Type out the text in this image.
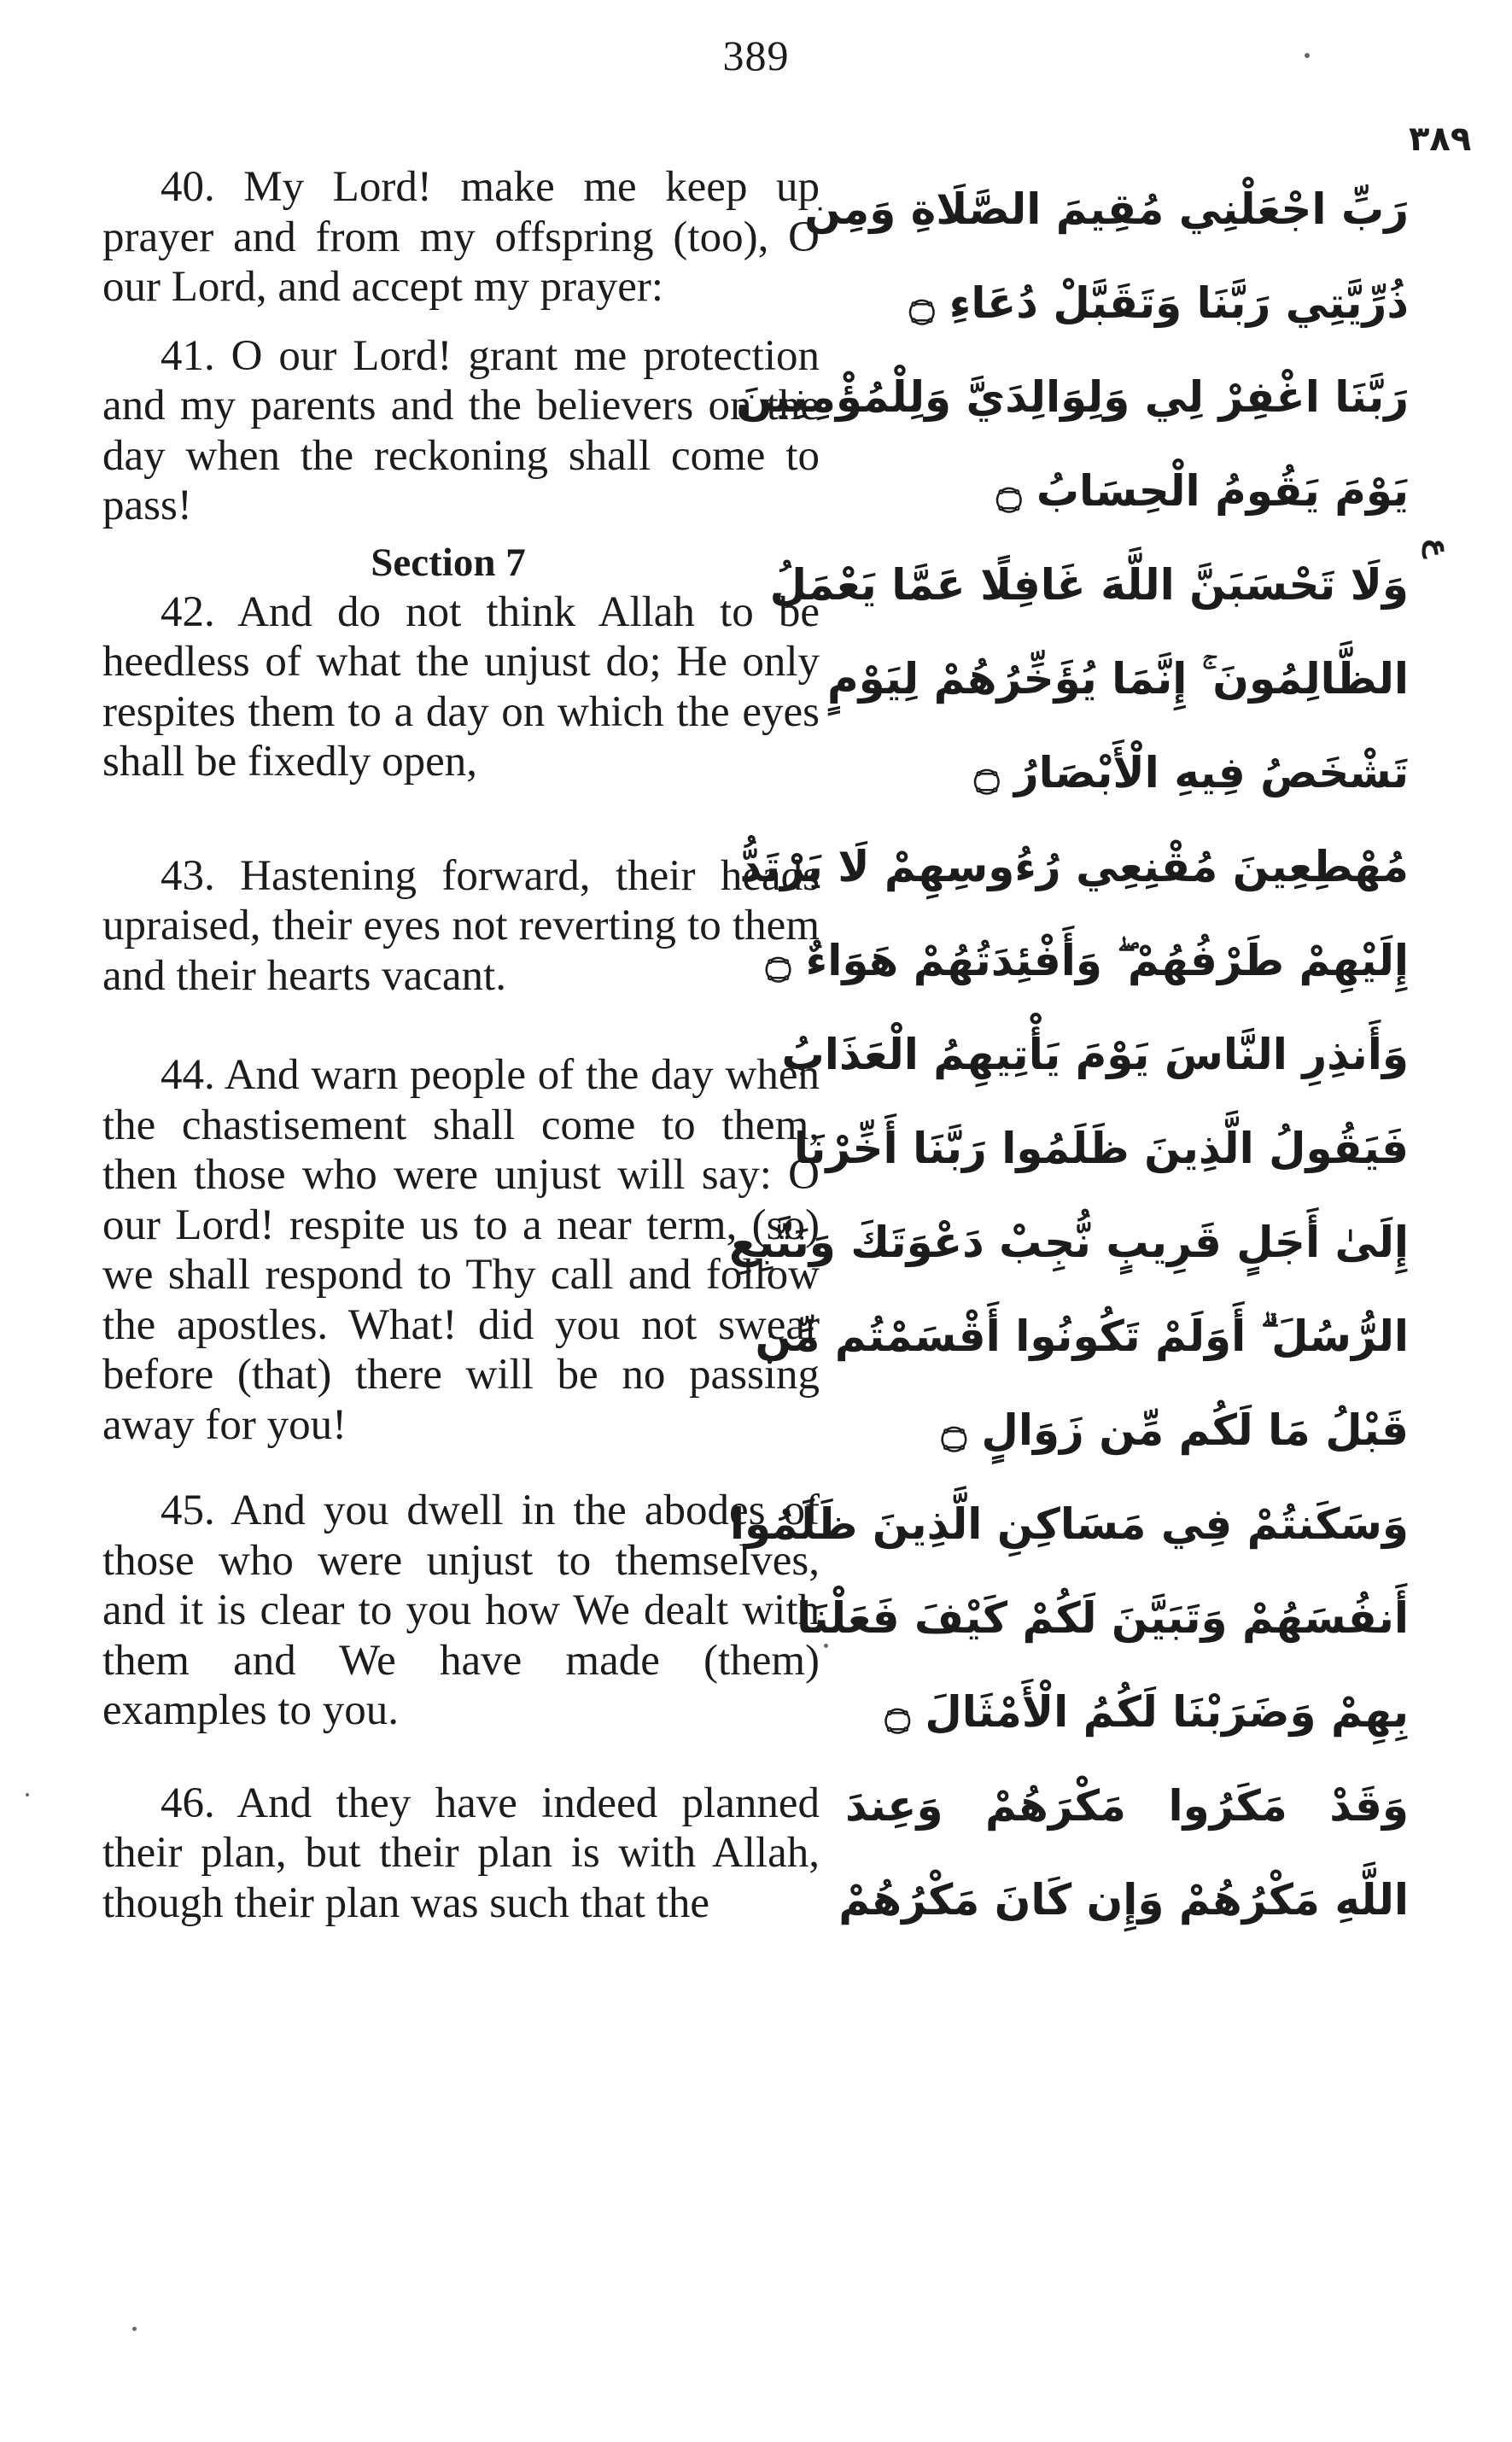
389
٣٨٩

40. My Lord! make me keep up prayer and from my offspring (too), O our Lord, and accept my prayer:

41. O our Lord! grant me protection and my parents and the believers on the day when the reckoning shall come to pass!

Section 7

42. And do not think Allah to be heedless of what the unjust do; He only respites them to a day on which the eyes shall be fixedly open,

43. Hastening forward, their heads upraised, their eyes not reverting to them and their hearts vacant.

44. And warn people of the day when the chastisement shall come to them, then those who were unjust will say: O our Lord! respite us to a near term, (so) we shall respond to Thy call and follow the apostles. What! did you not swear before (that) there will be no passing away for you!

45. And you dwell in the abodes of those who were unjust to themselves, and it is clear to you how We dealt with them and We have made (them) examples to you.

46. And they have indeed planned their plan, but their plan is with Allah, though their plan was such that the

رَبِّ اجْعَلْنِي مُقِيمَ الصَّلَاةِ وَمِن
ذُرِّيَّتِي رَبَّنَا وَتَقَبَّلْ دُعَاءِ ۝
رَبَّنَا اغْفِرْ لِي وَلِوَالِدَيَّ وَلِلْمُؤْمِنِينَ
يَوْمَ يَقُومُ الْحِسَابُ ۝
وَلَا تَحْسَبَنَّ اللَّهَ غَافِلًا عَمَّا يَعْمَلُ
الظَّالِمُونَ ۚ إِنَّمَا يُؤَخِّرُهُمْ لِيَوْمٍ
تَشْخَصُ فِيهِ الْأَبْصَارُ ۝
مُهْطِعِينَ مُقْنِعِي رُءُوسِهِمْ لَا يَرْتَدُّ
إِلَيْهِمْ طَرْفُهُمْ ۖ وَأَفْئِدَتُهُمْ هَوَاءٌ ۝
وَأَنذِرِ النَّاسَ يَوْمَ يَأْتِيهِمُ الْعَذَابُ
فَيَقُولُ الَّذِينَ ظَلَمُوا رَبَّنَا أَخِّرْنَا
إِلَىٰ أَجَلٍ قَرِيبٍ نُّجِبْ دَعْوَتَكَ وَنَتَّبِعِ
الرُّسُلَ ۗ أَوَلَمْ تَكُونُوا أَقْسَمْتُم مِّن
قَبْلُ مَا لَكُم مِّن زَوَالٍ ۝
وَسَكَنتُمْ فِي مَسَاكِنِ الَّذِينَ ظَلَمُوا
أَنفُسَهُمْ وَتَبَيَّنَ لَكُمْ كَيْفَ فَعَلْنَا
بِهِمْ وَضَرَبْنَا لَكُمُ الْأَمْثَالَ ۝
وَقَدْ مَكَرُوا مَكْرَهُمْ وَعِندَ
اللَّهِ مَكْرُهُمْ وَإِن كَانَ مَكْرُهُمْ
ع
